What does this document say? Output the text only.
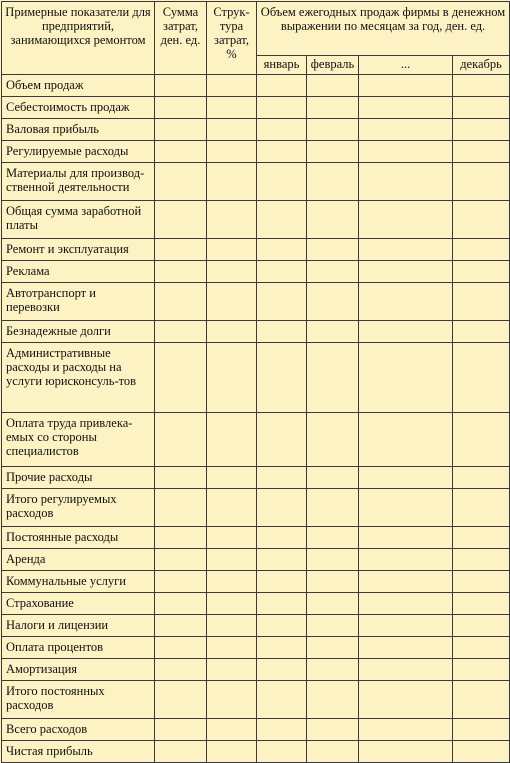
Примерные показатели для предприятий, занимающихся ремонтом	Сумма затрат, ден. ед.	Струк-тура затрат, %	Объем ежегодных продаж фирмы в денежном выражении по месяцам за год, ден. ед.			
			январь	февраль	...	декабрь
Объем продаж						
Себестоимость продаж						
Валовая прибыль						
Регулируемые расходы						
Материалы для производ-ственной деятельности						
Общая сумма заработной платы						
Ремонт и эксплуатация						
Реклама						
Автотранспорт и перевозки						
Безнадежные долги						
Административные расходы и расходы на услуги юрисконсуль-тов						
Оплата труда привлека-емых со стороны специалистов						
Прочие расходы						
Итого регулируемых расходов						
Постоянные расходы						
Аренда						
Коммунальные услуги						
Страхование						
Налоги и лицензии						
Оплата процентов						
Амортизация						
Итого постоянных расходов						
Всего расходов						
Чистая прибыль						
